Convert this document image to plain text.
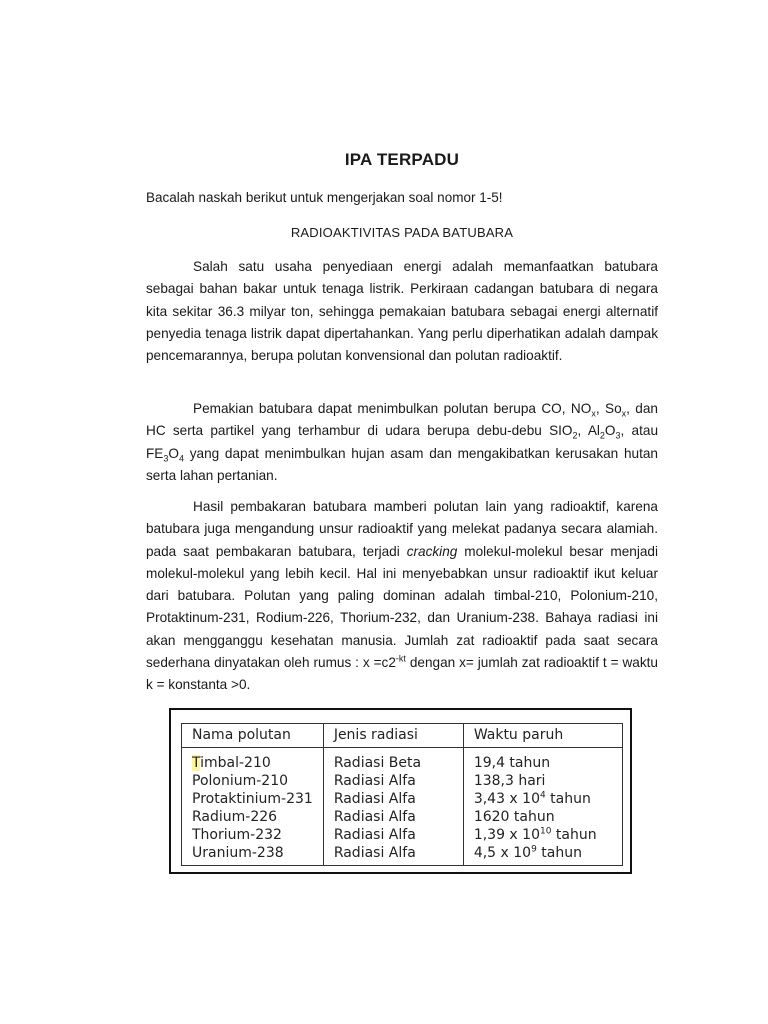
IPA TERPADU
Bacalah naskah berikut untuk mengerjakan soal nomor 1-5!
RADIOAKTIVITAS PADA BATUBARA

Salah satu usaha penyediaan energi adalah memanfaatkan batubara sebagai bahan bakar untuk tenaga listrik. Perkiraan cadangan batubara di negara kita sekitar 36.3 milyar ton, sehingga pemakaian batubara sebagai energi alternatif penyedia tenaga listrik dapat dipertahankan. Yang perlu diperhatikan adalah dampak pencemarannya, berupa polutan konvensional dan polutan radioaktif.

Pemakian batubara dapat menimbulkan polutan berupa CO, $NO_x$, $So_x$, dan HC serta partikel yang terhambur di udara berupa debu-debu $SIO_2$, $Al_2O_3$, atau $FE_3O_4$ yang dapat menimbulkan hujan asam dan mengakibatkan kerusakan hutan serta lahan pertanian.

Hasil pembakaran batubara mamberi polutan lain yang radioaktif, karena batubara juga mengandung unsur radioaktif yang melekat padanya secara alamiah. pada saat pembakaran batubara, terjadi cracking molekul-molekul besar menjadi molekul-molekul yang lebih kecil. Hal ini menyebabkan unsur radioaktif ikut keluar dari batubara. Polutan yang paling dominan adalah timbal-210, Polonium-210, Protaktinum-231, Rodium-226, Thorium-232, dan Uranium-238. Bahaya radiasi ini akan mengganggu kesehatan manusia. Jumlah zat radioaktif pada saat secara sederhana dinyatakan oleh rumus : $x =c2^{-kt}$ dengan x= jumlah zat radioaktif t = waktu k = konstanta >0.

Nama polutan	Jenis radiasi	Waktu paruh
Timbal-210	Radiasi Beta	19,4 tahun
Polonium-210	Radiasi Alfa	138,3 hari
Protaktinium-231	Radiasi Alfa	3,43 x $10^4$ tahun
Radium-226	Radiasi Alfa	1620 tahun
Thorium-232	Radiasi Alfa	1,39 x $10^{10}$ tahun
Uranium-238	Radiasi Alfa	4,5 x $10^9$ tahun
